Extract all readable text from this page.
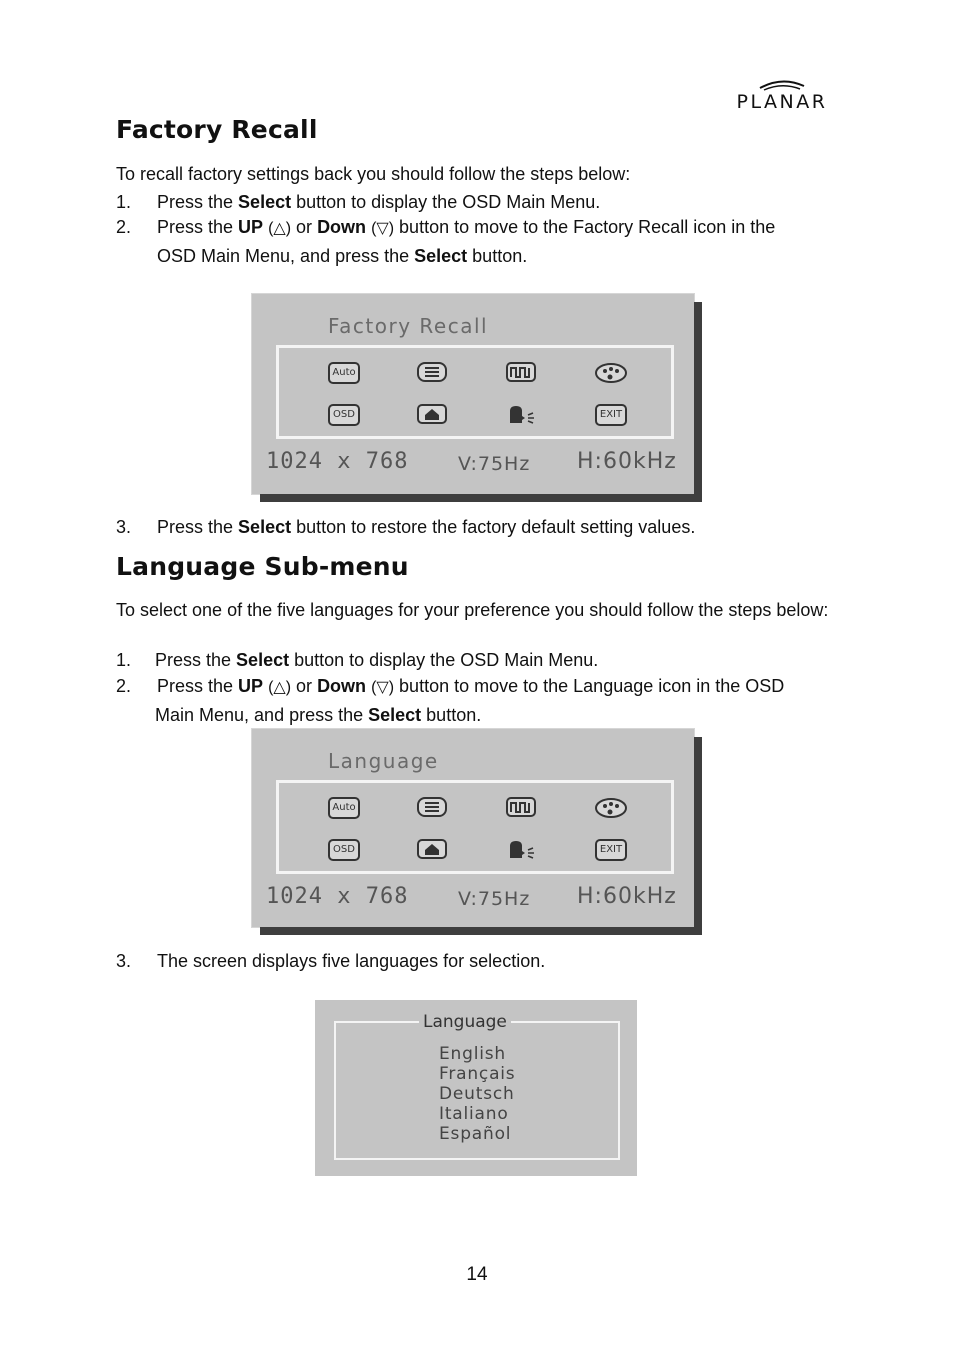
PLANAR
Factory Recall
To recall factory settings back you should follow the steps below:
1. Press the Select button to display the OSD Main Menu.
2. Press the UP (△) or Down (▽) button to move to the Factory Recall icon in the
OSD Main Menu, and press the Select button.
Factory Recall
Auto
OSD	EXIT
1024 x 768	V:75Hz H:60kHz
3. Press the Select button to restore the factory default setting values.
Language Sub-menu
To select one of the five languages for your preference you should follow the steps below:
1. Press the Select button to display the OSD Main Menu.
2. Press the UP (△) or Down (▽) button to move to the Language icon in the OSD
Main Menu, and press the Select button.
Language
Auto
OSD	EXIT
1024 x 768	V:75Hz H:60kHz
3. The screen displays five languages for selection.
Language
English
Français
Deutsch
Italiano
Español
14
